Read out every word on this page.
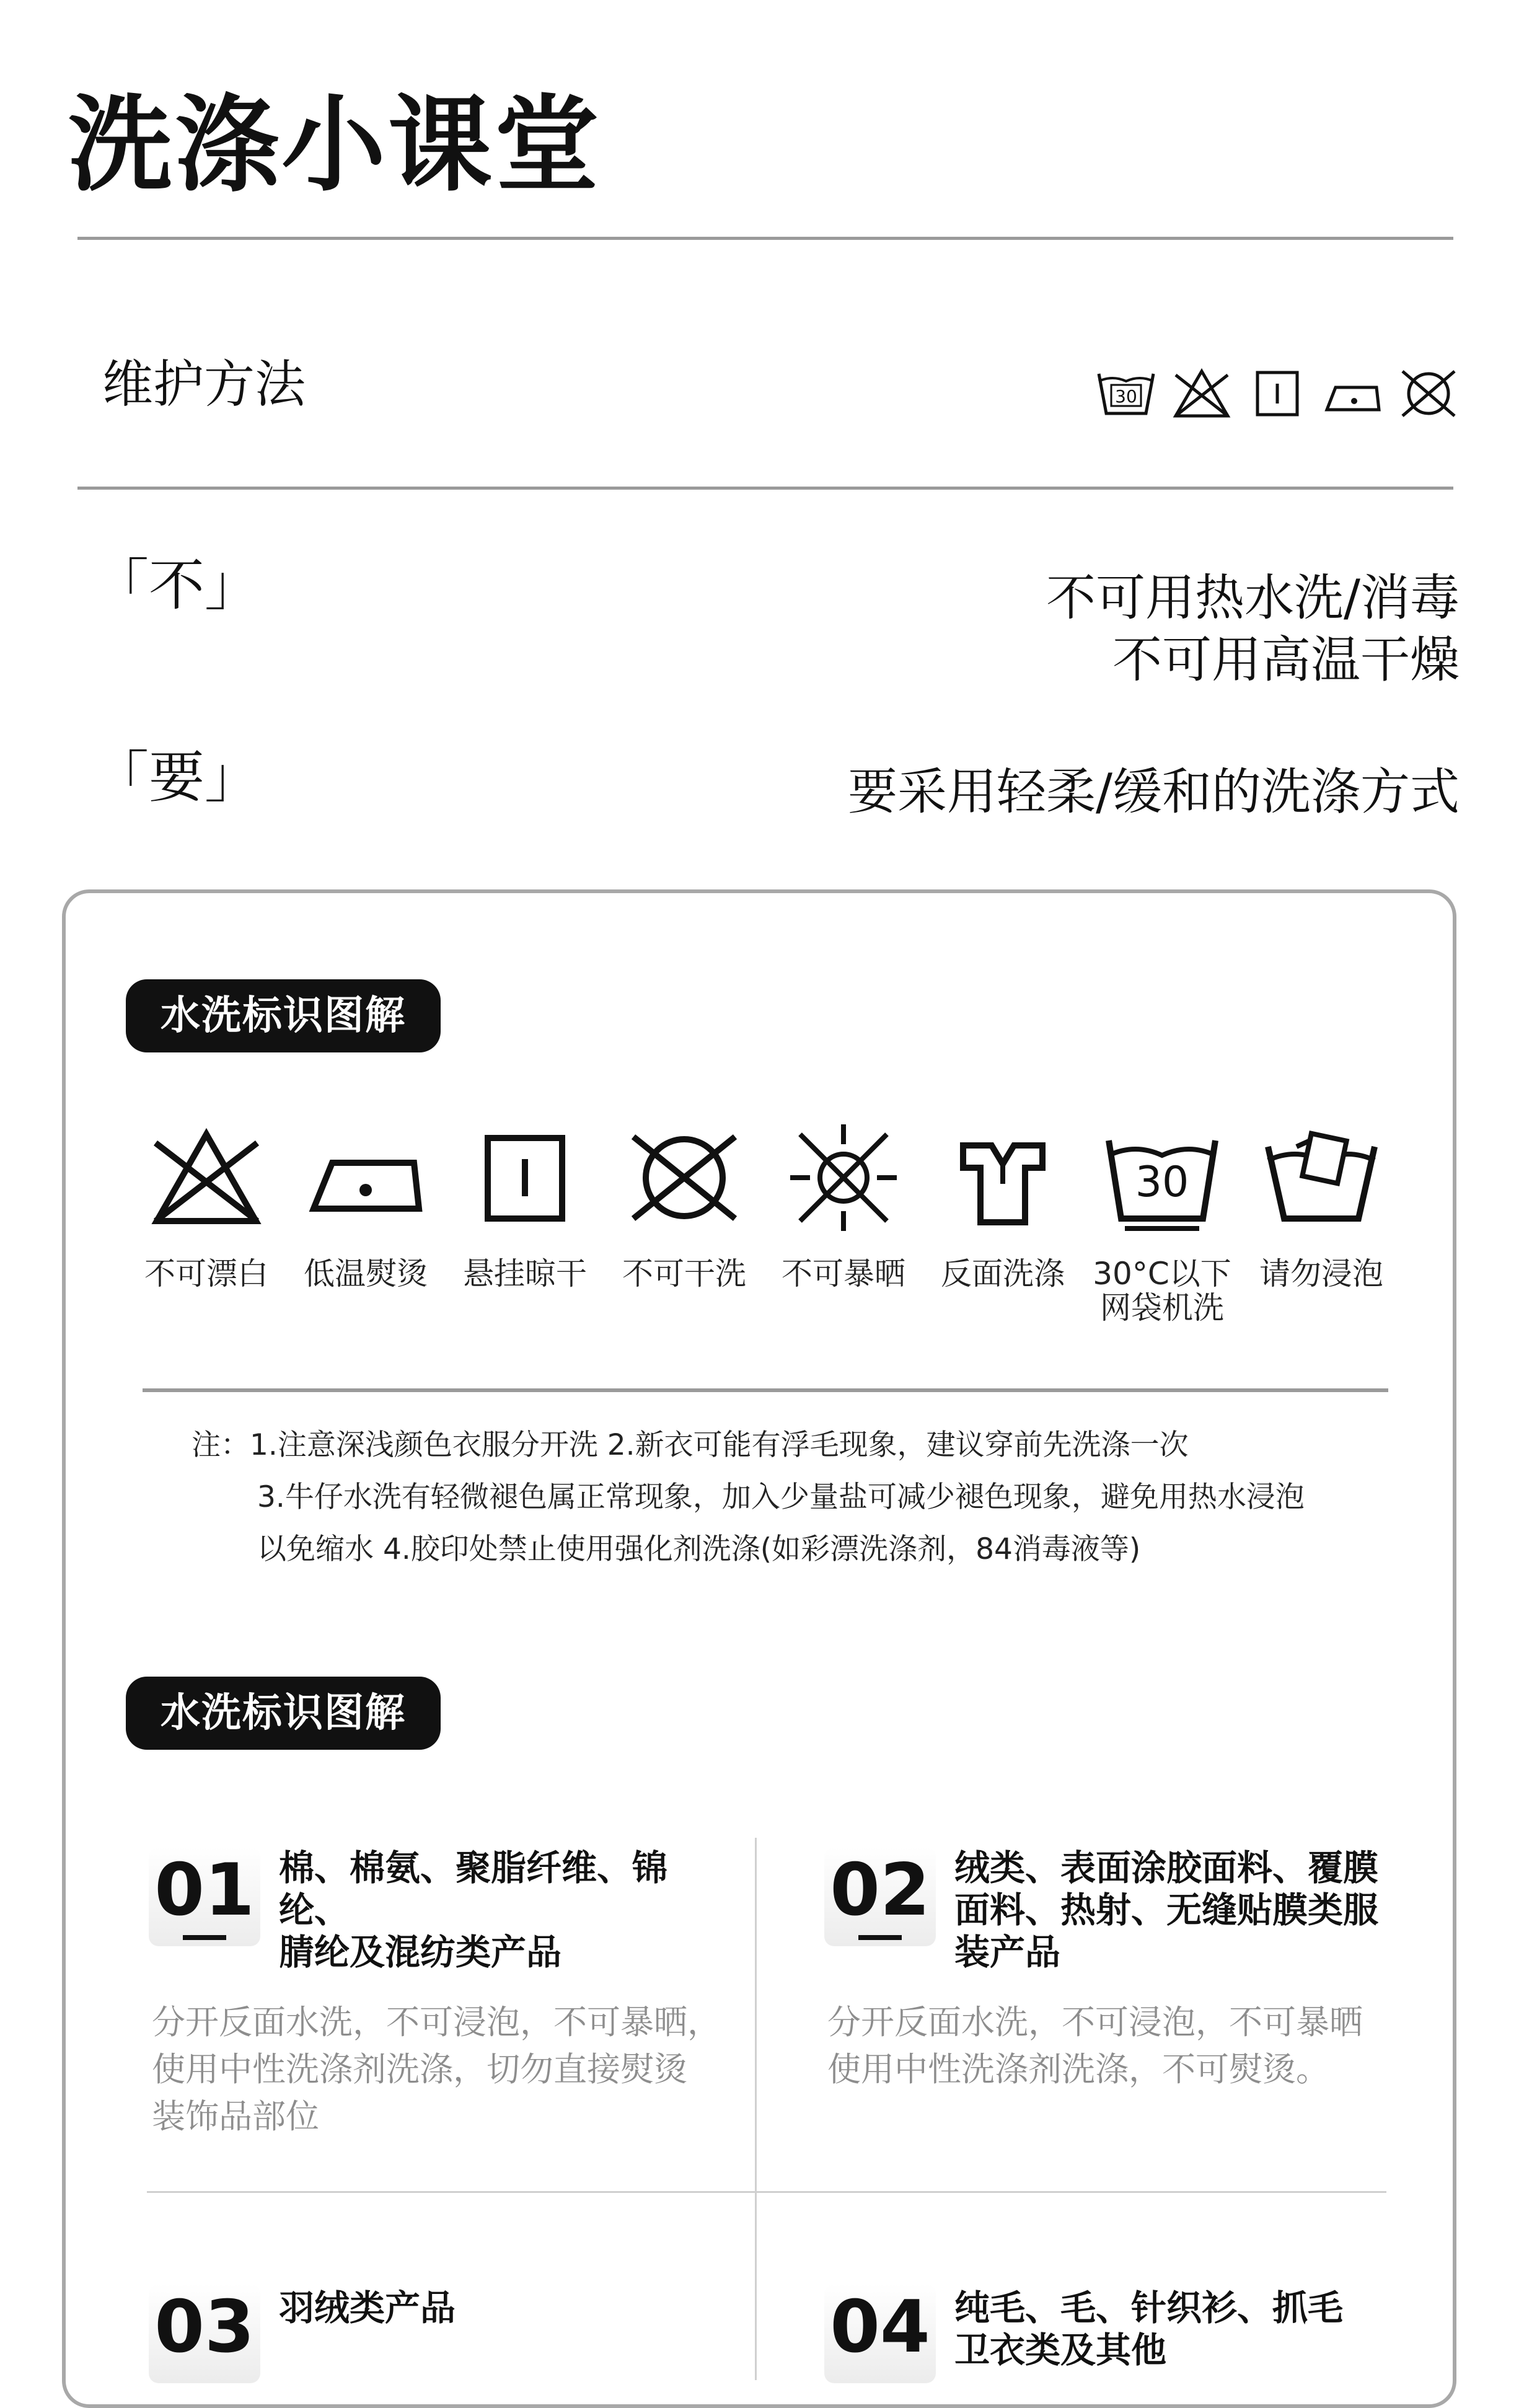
洗涤小课堂
维护方法	30
「不」	不可用热水洗/消毒
不可用高温干燥
「要」	要采用轻柔/缓和的洗涤方式
水洗标识图解
不可漂白	低温熨烫	悬挂晾干	不可干洗	不可暴晒	反面洗涤
30
30°C以下
网袋机洗
请勿浸泡
注：1.注意深浅颜色衣服分开洗 2.新衣可能有浮毛现象，建议穿前先洗涤一次
3.牛仔水洗有轻微褪色属正常现象，加入少量盐可减少褪色现象，避免用热水浸泡
以免缩水 4.胶印处禁止使用强化剂洗涤(如彩漂洗涤剂，84消毒液等)
水洗标识图解
01 棉、棉氨、聚脂纤维、锦纶、
腈纶及混纺类产品
分开反面水洗，不可浸泡，不可暴晒，
使用中性洗涤剂洗涤，切勿直接熨烫
装饰品部位
02 绒类、表面涂胶面料、覆膜
面料、热射、无缝贴膜类服
装产品
分开反面水洗，不可浸泡，不可暴晒
使用中性洗涤剂洗涤，不可熨烫。
03 羽绒类产品	04 纯毛、毛、针织衫、抓毛
卫衣类及其他
